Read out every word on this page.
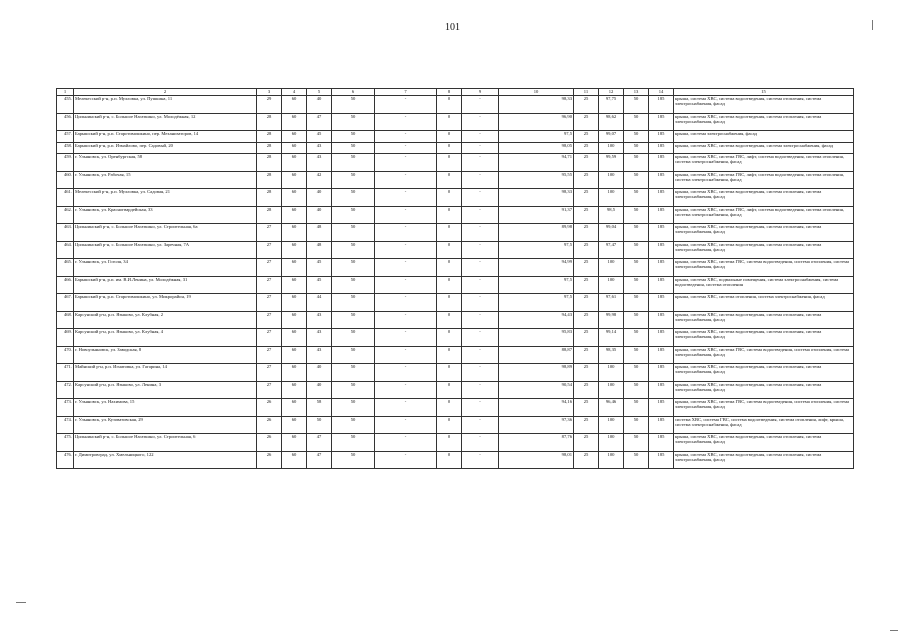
101
1	2	3	4	5	6	7	8	9	10	11	12	13	14	15
455.	Мелекесский р-н, р.п. Мулловка, ул. Пушкина, 11	29	60	40	50	-	0	-	98,33	25	97,75	50	185	крыша, система ХВС, система водоотведения, система отопления, система электроснабжения, фасад
456.	Цильнинский р-н, с. Большое Нагаткино, ул. Молодёжная, 12	28	60	47	50	-	0	-	96,90	25	98,62	50	185	крыша, система ХВС, система водоотведения, система отопления, система электроснабжения, фасад
457.	Барышский р-н, р.п. Старотимошкино, пер. Механизаторов, 14	28	60	45	50	-	0	-	97,5	25	99,07	50	185	крыша, система электроснабжения, фасад
458.	Барышский р-н, р.п. Измайлово, пер. Садовый, 20	28	60	43	50	-	0	-	98,05	25	100	50	185	крыша, система ХВС, система водоотведения, система электроснабжения, фасад
459.	г. Ульяновск, ул. Оренбургская, 58	28	60	43	50	-	0	-	94,71	25	99,59	50	185	крыша, система ХВС, система ГВС, лифт, система водоотведения, система отопления, система электроснабжения, фасад
460.	г. Ульяновск, ул. Рабочая, 15	28	60	42	50	-	0	-	95,55	25	100	50	185	крыша, система ХВС, система ГВС, лифт, система водоотведения, система отопления, система электроснабжения, фасад
461.	Мелекесский р-н, р.п. Мулловка, ул. Садовая, 21	28	60	40	50	-	0	-	98,33	25	100	50	185	крыша, система ХВС, система водоотведения, система отопления, система электроснабжения, фасад
462.	г. Ульяновск, ул. Красногвардейская, 33	28	60	40	50	-	0	-	91,37	25	98,5	50	185	крыша, система ХВС, система ГВС, лифт, система водоотведения, система отопления, система электроснабжения, фасад
463.	Цильнинский р-н, с. Большое Нагаткино, ул. Строительная, 6а	27	60	48	50	-	0	-	89,98	25	99,04	50	185	крыша, система ХВС, система водоотведения, система отопления, система электроснабжения, фасад
464.	Цильнинский р-н, с. Большое Нагаткино, ул. Заречная, 7А	27	60	48	50	-	0	-	97,5	25	97,47	50	185	крыша, система ХВС, система водоотведения, система отопления, система электроснабжения, фасад
465.	г. Ульяновск, ул. Гоголя, 34	27	60	45	50	-	0	-	94,99	25	100	50	185	крыша, система ХВС, система ГВС, система водоотведения, система отопления, система электроснабжения, фасад
466.	Барышский р-н, р.п. им. В.И.Ленина, ул. Молодёжная, 31	27	60	45	50	-	0	-	97,5	25	100	50	185	крыша, система ХВС, подвальные помещения, система электроснабжения, система водоотведения, система отопления
467.	Барышский р-н, р.п. Старотимошкино, ул. Микрорайон, 19	27	60	44	50	-	0	-	97,5	25	97,61	50	185	крыша, система ХВС, система отопления, система электроснабжения, фасад
468.	Карсунский р-н, р.п. Языково, ул. Клубная, 2	27	60	43	50	-	0	-	94,43	25	99,98	50	185	крыша, система ХВС, система водоотведения, система отопления, система электроснабжения, фасад
469.	Карсунский р-н, р.п. Языково, ул. Клубная, 4	27	60	43	50	-	0	-	95,83	25	99,14	50	185	крыша, система ХВС, система водоотведения, система отопления, система электроснабжения, фасад
470.	г. Новоульяновск, ул. Заводская, 8	27	60	43	50	-	0	-	88,87	25	98,35	50	185	крыша, система ХВС, система ГВС, система водоотведения, система отопления, система электроснабжения, фасад
471.	Майнский р-н, р.п. Игнатовка, ул. Гагарина, 14	27	60	40	50	-	0	-	98,89	25	100	50	185	крыша, система ХВС, система водоотведения, система отопления, система электроснабжения, фасад
472.	Карсунский р-н, р.п. Языково, ул. Ленина, 3	27	60	40	50	-	0	-	90,54	25	100	50	185	крыша, система ХВС, система водоотведения, система отопления, система электроснабжения, фасад
473.	г. Ульяновск, ул. Нахимова, 15	26	60	58	50	-	0	-	94,16	25	96,46	50	185	крыша, система ХВС, система ГВС, система водоотведения, система отопления, система электроснабжения, фасад
474.	г. Ульяновск, ул. Кузоватовская, 29	26	60	50	50	-	0	-	97,36	25	100	50	185	система ХВС, система ГВС, система водоотведения, система отопления, лифт, крыша, система электроснабжения, фасад
475.	Цильнинский р-н, с. Большое Нагаткино, ул. Строительная, 6	26	60	47	50	-	0	-	87,76	25	100	50	185	крыша, система ХВС, система водоотведения, система отопления, система электроснабжения, фасад
476.	г. Димитровград, ул. Хмельницкого, 122	26	60	47	50	-	0	-	98,01	25	100	50	185	крыша, система ХВС, система водоотведения, система отопления, система электроснабжения, фасад
